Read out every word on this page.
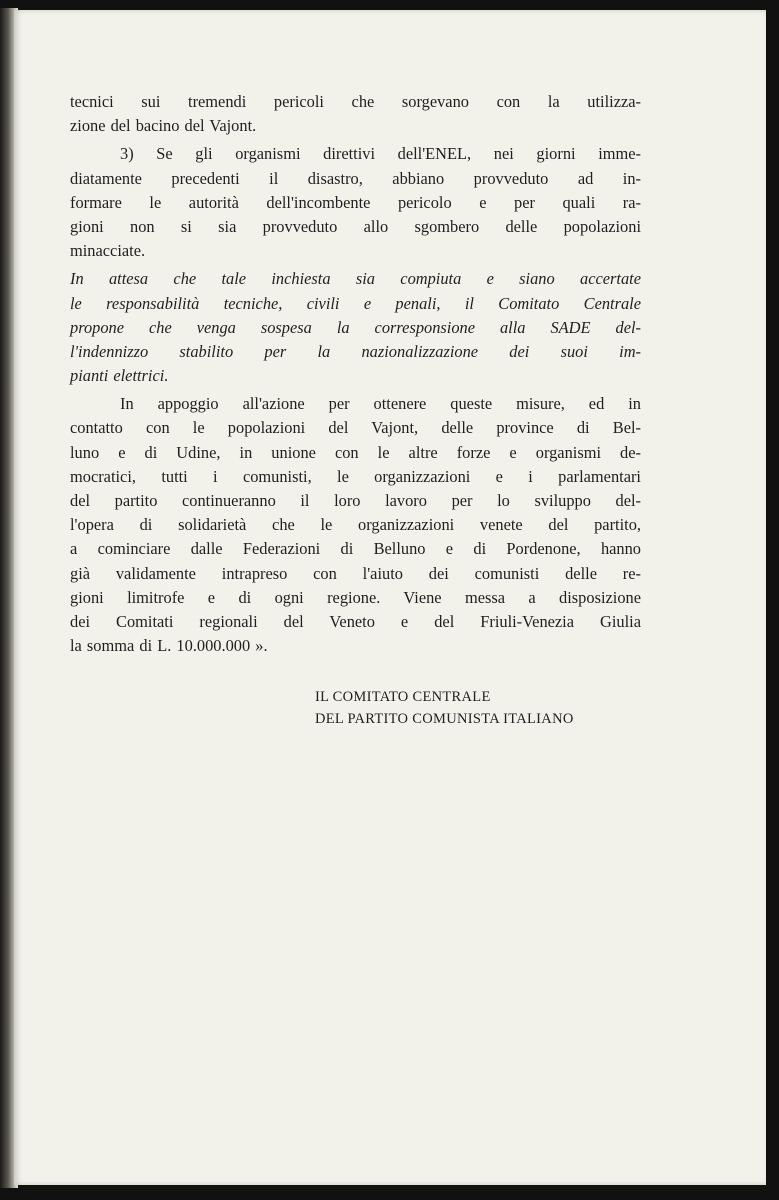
tecnici sui tremendi pericoli che sorgevano con la utilizza-
zione del bacino del Vajont.
3) Se gli organismi direttivi dell'ENEL, nei giorni imme-
diatamente precedenti il disastro, abbiano provveduto ad in-
formare le autorità dell'incombente pericolo e per quali ra-
gioni non si sia provveduto allo sgombero delle popolazioni
minacciate.
In attesa che tale inchiesta sia compiuta e siano accertate
le responsabilità tecniche, civili e penali, il Comitato Centrale
propone che venga sospesa la corresponsione alla SADE del-
l'indennizzo stabilito per la nazionalizzazione dei suoi im-
pianti elettrici.
In appoggio all'azione per ottenere queste misure, ed in
contatto con le popolazioni del Vajont, delle province di Bel-
luno e di Udine, in unione con le altre forze e organismi de-
mocratici, tutti i comunisti, le organizzazioni e i parlamentari
del partito continueranno il loro lavoro per lo sviluppo del-
l'opera di solidarietà che le organizzazioni venete del partito,
a cominciare dalle Federazioni di Belluno e di Pordenone, hanno
già validamente intrapreso con l'aiuto dei comunisti delle re-
gioni limitrofe e di ogni regione. Viene messa a disposizione
dei Comitati regionali del Veneto e del Friuli-Venezia Giulia
la somma di L. 10.000.000 ».
IL COMITATO CENTRALE
DEL PARTITO COMUNISTA ITALIANO
